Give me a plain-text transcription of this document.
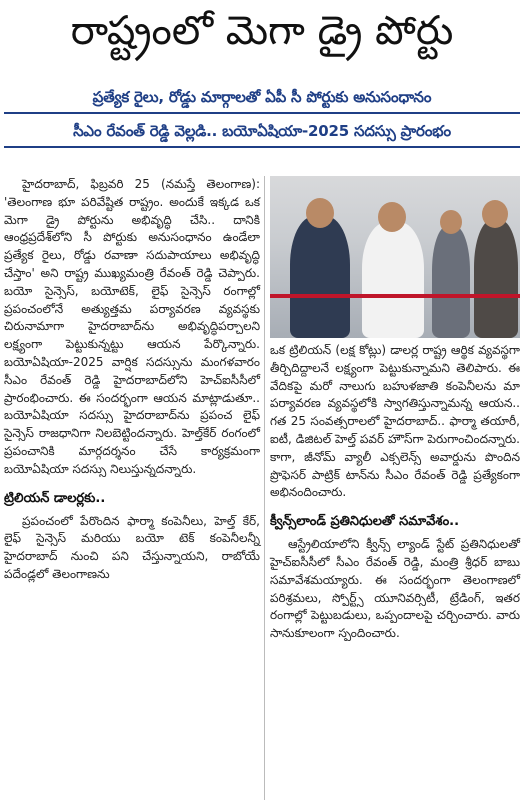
రాష్ట్రంలో మెగా డ్రై పోర్టు
ప్రత్యేక రైలు, రోడ్డు మార్గాలతో ఏపీ సీ పోర్టుకు అనుసంధానం
సీఎం రేవంత్ రెడ్డి వెల్లడి.. బయోఏషియా-2025 సదస్సు ప్రారంభం

హైదరాబాద్, ఫిబ్రవరి 25 (నమస్తే తెలంగాణ): 'తెలంగాణ భూ పరివేష్టిత రాష్ట్రం. అందుకే ఇక్కడ ఒక మెగా డ్రై పోర్టును అభివృద్ధి చేసి.. దానికి ఆంధ్రప్రదేశ్‌లోని సీ పోర్టుకు అనుసంధానం ఉండేలా ప్రత్యేక రైలు, రోడ్డు రవాణా సదుపాయాలు అభివృద్ధి చేస్తాం' అని రాష్ట్ర ముఖ్యమంత్రి రేవంత్ రెడ్డి చెప్పారు. బయో సైన్సెస్, బయోటెక్, లైఫ్ సైన్సెస్ రంగాల్లో ప్రపంచంలోనే అత్యుత్తమ పర్యావరణ వ్యవస్థకు చిరునామాగా హైదరాబాద్‌ను అభివృద్ధిపర్చాలని లక్ష్యంగా పెట్టుకున్నట్టు ఆయన పేర్కొన్నారు. బయోఏషియా-2025 వార్షిక సదస్సును మంగళవారం సీఎం రేవంత్ రెడ్డి హైదరాబాద్‌లోని హెచ్ఐసీసీలో ప్రారంభించారు. ఈ సందర్భంగా ఆయన మాట్లాడుతూ.. బయోఏషియా సదస్సు హైదరాబాద్‌ను ప్రపంచ లైఫ్ సైన్సెస్ రాజధానిగా నిలబెట్టిందన్నారు. హెల్త్‌కేర్ రంగంలో ప్రపంచానికి మార్గదర్శనం చేసే కార్యక్రమంగా బయోఏషియా సదస్సు నిలుస్తున్నదన్నారు.

ట్రిలియన్ డాలర్లకు..

ప్రపంచంలో పేరొందిన ఫార్మా కంపెనీలు, హెల్త్ కేర్, లైఫ్ సైన్సెస్ మరియు బయో టెక్ కంపెనీలన్నీ హైదరాబాద్ నుంచి పని చేస్తున్నాయని, రాబోయే పదేండ్లలో తెలంగాణను

ఒక ట్రిలియన్ (లక్ష కోట్లు) డాలర్ల రాష్ట్ర ఆర్థిక వ్యవస్థగా తీర్చిదిద్దాలనే లక్ష్యంగా పెట్టుకున్నామని తెలిపారు. ఈ వేదికపై మరో నాలుగు బహుళజాతి కంపెనీలను మా పర్యావరణ వ్యవస్థలోకి స్వాగతిస్తున్నామన్న ఆయన.. గత 25 సంవత్సరాలలో హైదరాబాద్.. ఫార్మా తయారీ, ఐటీ, డిజిటల్ హెల్త్ పవర్ హౌస్‌గా పెరుగాంచిందన్నారు. కాగా, జీనోమ్ వ్యాలీ ఎక్సలెన్స్ అవార్డును పొందిన ప్రొఫెసర్ పాట్రిక్ టాన్‌ను సీఎం రేవంత్ రెడ్డి ప్రత్యేకంగా అభినందించారు.

క్వీన్స్‌లాండ్ ప్రతినిధులతో సమావేశం..

ఆస్ట్రేలియాలోని క్వీన్స్ ల్యాండ్ స్టేట్ ప్రతినిధులతో హైచ్ఐసీసీలో సీఎం రేవంత్ రెడ్డి, మంత్రి శ్రీధర్ బాబు సమావేశమయ్యారు. ఈ సందర్భంగా తెలంగాణలో పరిశ్రమలు, స్పోర్ట్స్ యూనివర్సిటీ, ట్రేడింగ్, ఇతర రంగాల్లో పెట్టుబడులు, ఒప్పందాలపై చర్చించారు. వారు సానుకూలంగా స్పందించారు.
